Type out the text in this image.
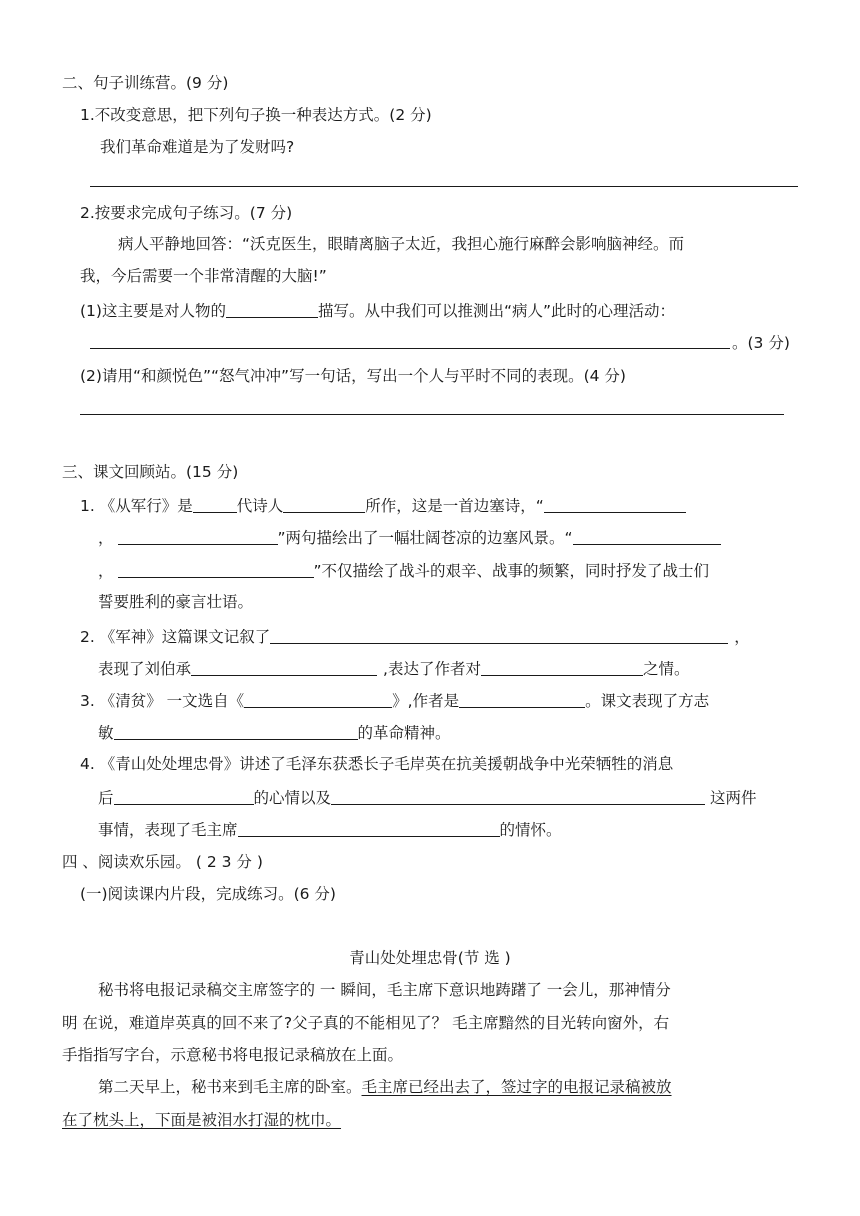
二、句子训练营。(9 分)
1.不改变意思，把下列句子换一种表达方式。(2 分)
我们革命难道是为了发财吗?
2.按要求完成句子练习。(7 分)
病人平静地回答：“沃克医生，眼睛离脑子太近，我担心施行麻醉会影响脑神经。而
我，今后需要一个非常清醒的大脑!”
(1)这主要是对人物的	描写。从中我们可以推测出“病人”此时的心理活动：
。(3 分)
(2)请用“和颜悦色”“怒气冲冲”写一句话，写出一个人与平时不同的表现。(4 分)
三、课文回顾站。(15 分)
1. 《从军行》是	代诗人	所作，这是一首边塞诗，“
，	”两句描绘出了一幅壮阔苍凉的边塞风景。“
，	”不仅描绘了战斗的艰辛、战事的频繁，同时抒发了战士们
誓要胜利的豪言壮语。
2. 《军神》这篇课文记叙了	，
表现了刘伯承	,表达了作者对	之情。
3. 《清贫》 一文选自《	》,作者是	。课文表现了方志
敏	的革命精神。
4. 《青山处处埋忠骨》讲述了毛泽东获悉长子毛岸英在抗美援朝战争中光荣牺牲的消息
后	的心情以及	这两件
事情，表现了毛主席	的情怀。
四 、阅读欢乐园。 ( 2 3 分 )
(一)阅读课内片段，完成练习。(6 分)
青山处处埋忠骨(节 选 )
秘书将电报记录稿交主席签字的 一 瞬间，毛主席下意识地踌躇了 一会儿，那神情分
明 在说，难道岸英真的回不来了?父子真的不能相见了？ 毛主席黯然的目光转向窗外，右
手指指写字台，示意秘书将电报记录稿放在上面。
第二天早上，秘书来到毛主席的卧室。毛主席已经出去了，签过字的电报记录稿被放
在了枕头上，下面是被泪水打湿的枕巾。
